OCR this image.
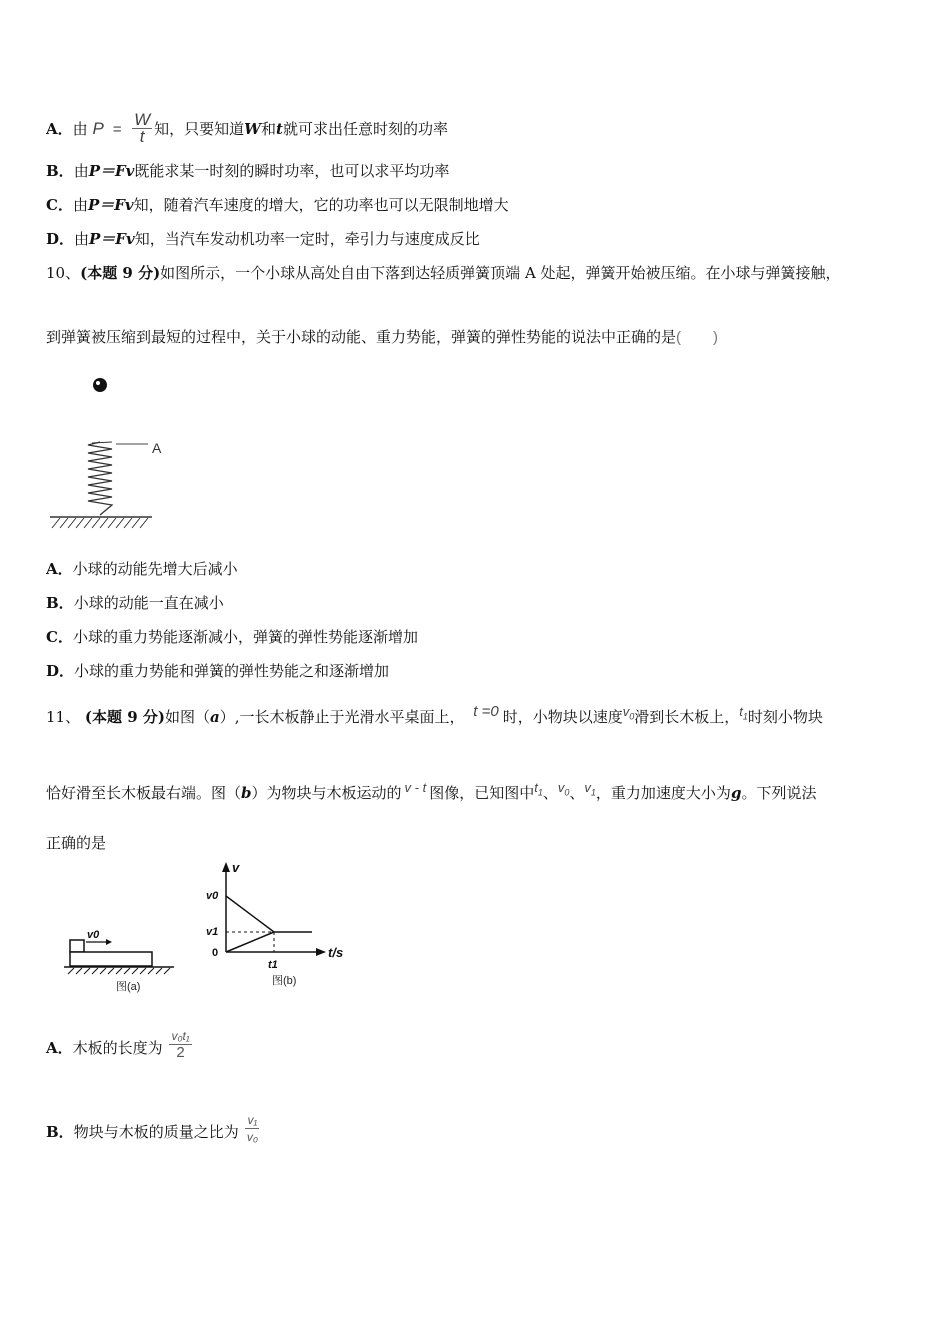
A．由 $P = \frac{W}{t}$ 知，只要知道W和t就可求出任意时刻的功率
B．由P＝Fv既能求某一时刻的瞬时功率，也可以求平均功率
C．由P＝Fv知，随着汽车速度的增大，它的功率也可以无限制地增大
D．由P＝Fv知，当汽车发动机功率一定时，牵引力与速度成反比
10、(本题 9 分)如图所示，一个小球从高处自由下落到达轻质弹簧顶端 A 处起，弹簧开始被压缩。在小球与弹簧接触，
到弹簧被压缩到最短的过程中，关于小球的动能、重力势能，弹簧的弹性势能的说法中正确的是( )
A
A．小球的动能先增大后减小
B．小球的动能一直在减小
C．小球的重力势能逐渐减小，弹簧的弹性势能逐渐增加
D．小球的重力势能和弹簧的弹性势能之和逐渐增加
11、 (本题 9 分)如图（a）,一长木板静止于光滑水平桌面上， t =0 时，小物块以速度$v_0$滑到长木板上，$t_1$时刻小物块
恰好滑至长木板最右端。图（b）为物块与木板运动的 v - t 图像，已知图中$t_1$、$v_0$、$v_1$，重力加速度大小为g。下列说法
正确的是
v0
图(a)
v
t/s
v0
v1
0
t1
图(b)
A．木板的长度为 $\frac{\text{v₀t₁}}{2}$
B．物块与木板的质量之比为 $\frac{\text{v₁}}{\text{v₀}}$
